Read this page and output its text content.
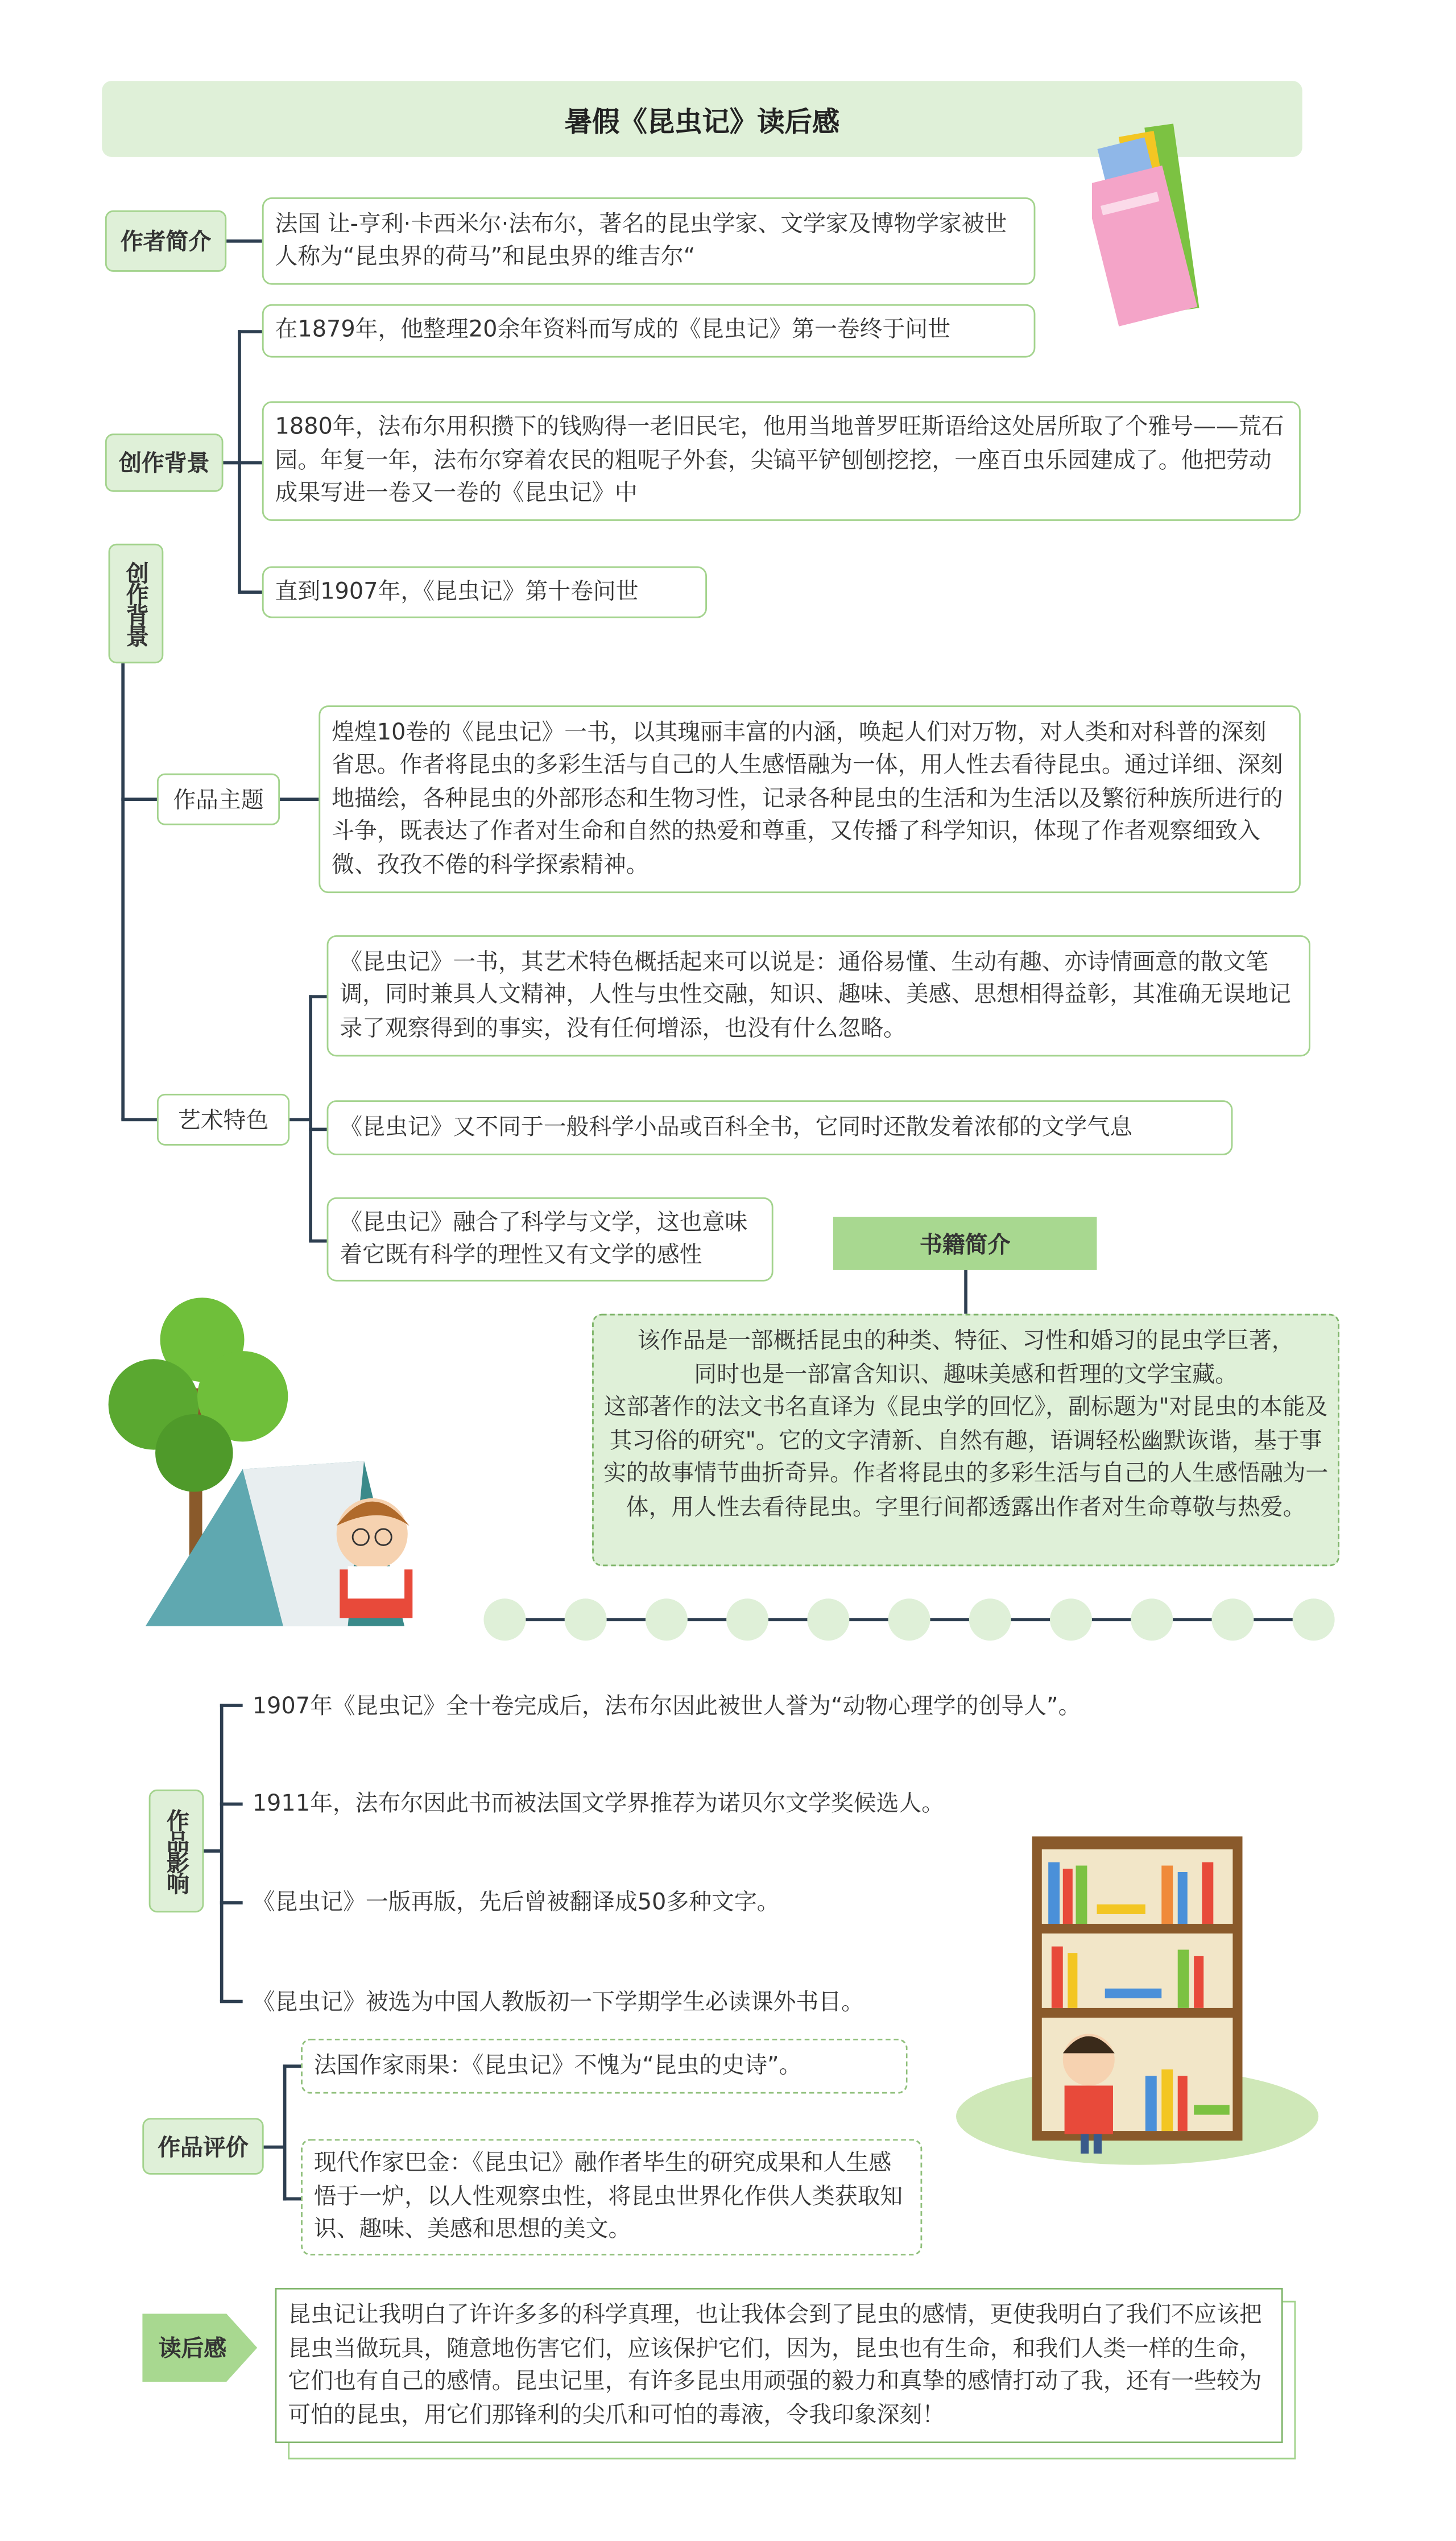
暑假《昆虫记》读后感
作者简介
法国 让-亨利·卡西米尔·法布尔，著名的昆虫学家、文学家及博物学家被世人称为“昆虫界的荷马”和昆虫界的维吉尔“
创作背景
在1879年，他整理20余年资料而写成的《昆虫记》第一卷终于问世
1880年，法布尔用积攒下的钱购得一老旧民宅，他用当地普罗旺斯语给这处居所取了个雅号——荒石园。年复一年，法布尔穿着农民的粗呢子外套，尖镐平铲刨刨挖挖，一座百虫乐园建成了。他把劳动成果写进一卷又一卷的《昆虫记》中
直到1907年，《昆虫记》第十卷问世
创作背景
作品主题
煌煌10卷的《昆虫记》一书，以其瑰丽丰富的内涵，唤起人们对万物，对人类和对科普的深刻省思。作者将昆虫的多彩生活与自己的人生感悟融为一体，用人性去看待昆虫。通过详细、深刻地描绘，各种昆虫的外部形态和生物习性，记录各种昆虫的生活和为生活以及繁衍种族所进行的斗争，既表达了作者对生命和自然的热爱和尊重，又传播了科学知识，体现了作者观察细致入微、孜孜不倦的科学探索精神。
艺术特色
《昆虫记》一书，其艺术特色概括起来可以说是：通俗易懂、生动有趣、亦诗情画意的散文笔调，同时兼具人文精神，人性与虫性交融，知识、趣味、美感、思想相得益彰，其准确无误地记录了观察得到的事实，没有任何增添，也没有什么忽略。
《昆虫记》又不同于一般科学小品或百科全书，它同时还散发着浓郁的文学气息
《昆虫记》融合了科学与文学，这也意味着它既有科学的理性又有文学的感性	书籍简介
该作品是一部概括昆虫的种类、特征、习性和婚习的昆虫学巨著，
同时也是一部富含知识、趣味美感和哲理的文学宝藏。
这部著作的法文书名直译为《昆虫学的回忆》，副标题为"对昆虫的本能及其习俗的研究"。它的文字清新、自然有趣，语调轻松幽默诙谐，基于事实的故事情节曲折奇异。作者将昆虫的多彩生活与自己的人生感悟融为一体，用人性去看待昆虫。字里行间都透露出作者对生命尊敬与热爱。
作品影响
1907年《昆虫记》全十卷完成后，法布尔因此被世人誉为“动物心理学的创导人”。
1911年，法布尔因此书而被法国文学界推荐为诺贝尔文学奖候选人。
《昆虫记》一版再版，先后曾被翻译成50多种文字。
《昆虫记》被选为中国人教版初一下学期学生必读课外书目。
作品评价
法国作家雨果：《昆虫记》不愧为“昆虫的史诗”。
现代作家巴金：《昆虫记》融作者毕生的研究成果和人生感悟于一炉，以人性观察虫性，将昆虫世界化作供人类获取知识、趣味、美感和思想的美文。
读后感
昆虫记让我明白了许许多多的科学真理，也让我体会到了昆虫的感情，更使我明白了我们不应该把昆虫当做玩具，随意地伤害它们，应该保护它们，因为，昆虫也有生命，和我们人类一样的生命，它们也有自己的感情。昆虫记里，有许多昆虫用顽强的毅力和真挚的感情打动了我，还有一些较为可怕的昆虫，用它们那锋利的尖爪和可怕的毒液，令我印象深刻！
